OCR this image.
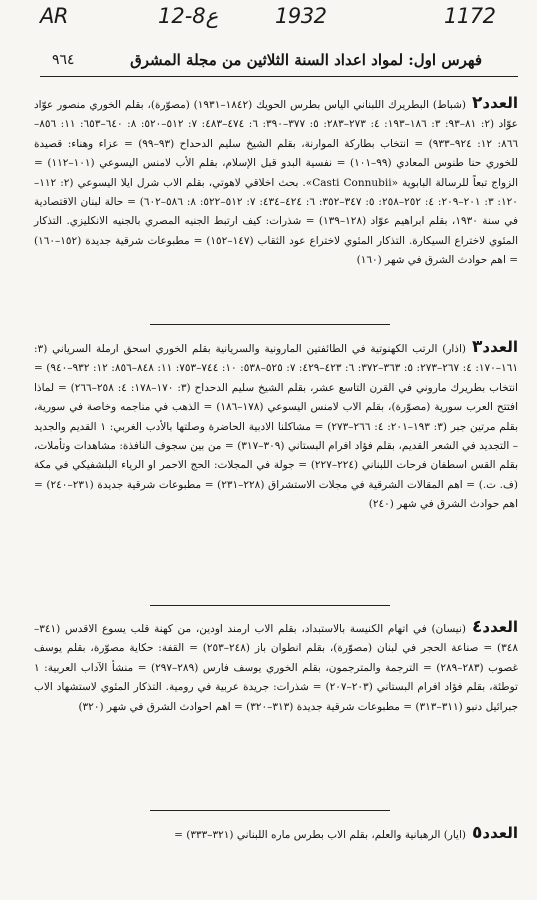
AR	12-8ع	1932	1172
٩٦٤	فهرس اول: لمواد اعداد السنة الثلاثين من مجلة المشرق

العدد٢(شباط) البطريرك اللبناني الياس بطرس الحويك (١٨٤٢–١٩٣١) (مصوّرة)، بقلم الخوري منصور عوّاد عوّاد (٢: ٨١–٩٣: ٣: ١٨٦–١٩٣: ٤: ٢٧٣–٢٨٣: ٥: ٣٧٧–٣٩٠: ٦: ٤٧٤–٤٨٣: ٧: ٥١٢–٥٢٠: ٨: ٦٤٠–٦٥٣: ١١: ٨٥٦–٨٦٦: ١٢: ٩٢٤–٩٣٣) = انتخاب بطاركة الموارنة، بقلم الشيخ سليم الدحداح (٩٣–٩٩) = عزاء وهناء: قصيدة للخوري حنا طنوس المعادي (٩٩–١٠١) = نفسية البدو قبل الإسلام، بقلم الأب لامنس اليسوعي (١٠١–١١٢) = الزواج تبعاً للرسالة البابوية «Casti Connubii». بحث اخلاقي لاهوتي، بقلم الاب شرل ايلا اليسوعي (٢: ١١٢–١٢٠: ٣: ٢٠١–٢٠٩: ٤: ٢٥٢–٢٥٨: ٥: ٣٤٧–٣٥٢: ٦: ٤٢٤–٤٣٤: ٧: ٥١٢–٥٢٢: ٨: ٥٨٦–٦٠٢) = حالة لبنان الاقتصادية في سنة ١٩٣٠، بقلم ابراهيم عوّاد (١٢٨–١٣٩) = شذرات: كيف ارتبط الجنيه المصري بالجنيه الانكليزي. التذكار المئوي لاختراع السيكارة. التذكار المئوي لاختراع عود الثقاب (١٤٧–١٥٢) = مطبوعات شرقية جديدة (١٥٢–١٦٠) = اهم حوادث الشرق في شهر (١٦٠)

العدد٣(اذار) الرتب الكهنوتية في الطائفتين المارونية والسريانية بقلم الخوري اسحق ارملة السرياني (٣: ١٦١–١٧٠: ٤: ٢٦٧–٢٧٣: ٥: ٣٦٣–٣٧٢: ٦: ٤٢٣–٤٢٩: ٧: ٥٢٥–٥٣٨: ١٠: ٧٤٤–٧٥٣: ١١: ٨٤٨–٨٥٦: ١٢: ٩٣٢–٩٤٠) = انتخاب بطريرك ماروني في القرن التاسع عشر، بقلم الشيخ سليم الدحداح (٣: ١٧٠–١٧٨: ٤: ٢٥٨–٢٦٦) = لماذا افتتح العرب سورية (مصوّرة)، بقلم الاب لامنس اليسوعي (١٧٨–١٨٦) = الذهب في مناجمه وخاصة في سورية، بقلم مرتين جبر (٣: ١٩٣–٢٠١: ٤: ٢٦٦–٢٧٣) = مشاكلنا الادبية الحاضرة وصلتها بالأدب الغربي: ١ القديم والجديد – التجديد في الشعر القديم، بقلم فؤاد افرام البستاني (٣٠٩–٣١٧) = من بين سجوف النافذة: مشاهدات وتأملات، بقلم القس اسطفان فرحات اللبناني (٢٢٤–٢٢٧) = جولة في المجلات: الحج الاحمر او الرياء البلشفيكي في مكة (ف. ت.) = اهم المقالات الشرقية في مجلات الاستشراق (٢٢٨–٢٣١) = مطبوعات شرقية جديدة (٢٣١–٢٤٠) = اهم حوادث الشرق في شهر (٢٤٠)

العدد٤(نيسان) في اتهام الكنيسة بالاستبداد، بقلم الاب ارمند اودين، من كهنة قلب يسوع الاقدس (٣٤١–٣٤٨) = صناعة الحجر في لبنان (مصوّرة)، بقلم انطوان باز (٢٤٨–٢٥٣) = القفة: حكاية مصوّرة، بقلم يوسف غصوب (٢٨٣–٢٨٩) = الترجمة والمترجمون، بقلم الخوري يوسف فارس (٢٨٩–٢٩٧) = منشأ الآداب العربية: ١ توطئة، بقلم فؤاد افرام البستاني (٢٠٣–٢٠٧) = شذرات: جريدة عربية في رومية. التذكار المئوي لاستشهاد الاب جبرائيل دنبو (٣١١–٣١٣) = مطبوعات شرقية جديدة (٣١٣–٣٢٠) = اهم احوادث الشرق في شهر (٣٢٠)

العدد٥(ايار) الرهبانية والعلم، بقلم الاب بطرس ماره اللبناني (٣٢١–٣٣٣) =
